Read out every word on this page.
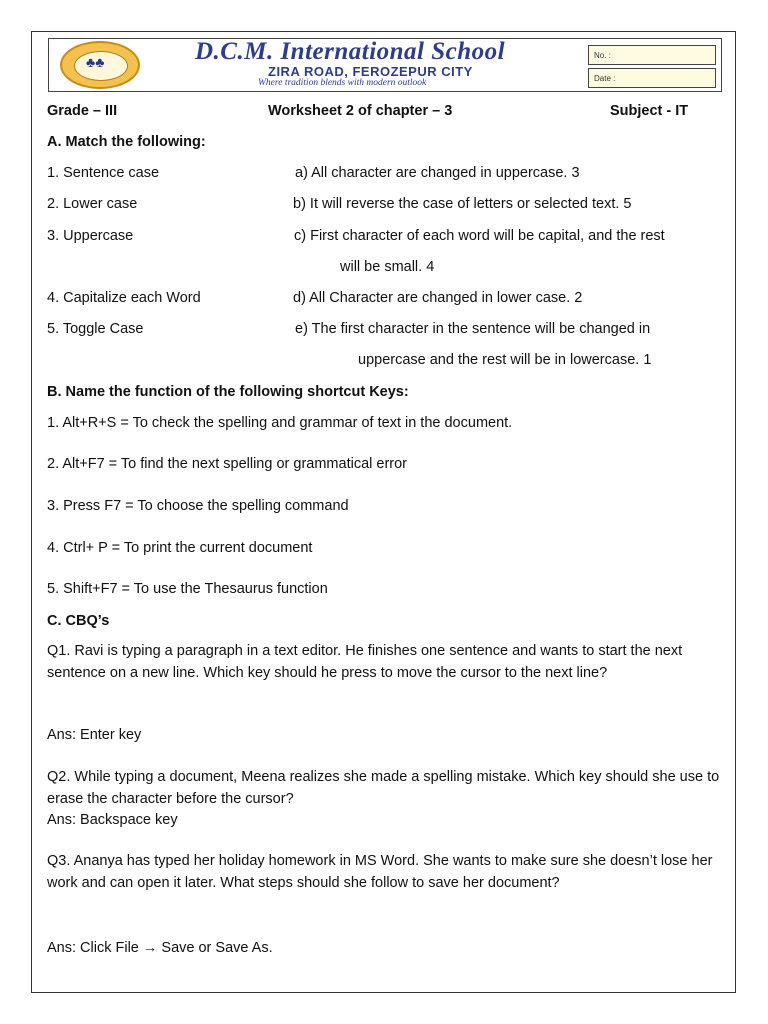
♣♣	D.C.M. International School
ZIRA ROAD, FEROZEPUR CITY
Where tradition blends with modern outlook
No. :
Date :
Grade – III	Worksheet 2 of chapter – 3	Subject - IT
A. Match the following:
1. Sentence case	a) All character are changed in uppercase. 3
2. Lower case	b) It will reverse the case of letters or selected text. 5
3. Uppercase	c) First character of each word will be capital, and the rest
will be small. 4
4. Capitalize each Word	d) All Character are changed in lower case. 2
5. Toggle Case	e) The first character in the sentence will be changed in
uppercase and the rest will be in lowercase. 1
B. Name the function of the following shortcut Keys:
1. Alt+R+S = To check the spelling and grammar of text in the document.
2. Alt+F7 = To find the next spelling or grammatical error
3. Press F7 = To choose the spelling command
4. Ctrl+ P = To print the current document
5. Shift+F7 = To use the Thesaurus function
C. CBQ’s
Q1. Ravi is typing a paragraph in a text editor. He finishes one sentence and wants to start the next sentence on a new line. Which key should he press to move the cursor to the next line?
Ans: Enter key
Q2. While typing a document, Meena realizes she made a spelling mistake. Which key should she use to erase the character before the cursor?
Ans: Backspace key
Q3. Ananya has typed her holiday homework in MS Word. She wants to make sure she doesn’t lose her work and can open it later. What steps should she follow to save her document?
Ans: Click File → Save or Save As.
